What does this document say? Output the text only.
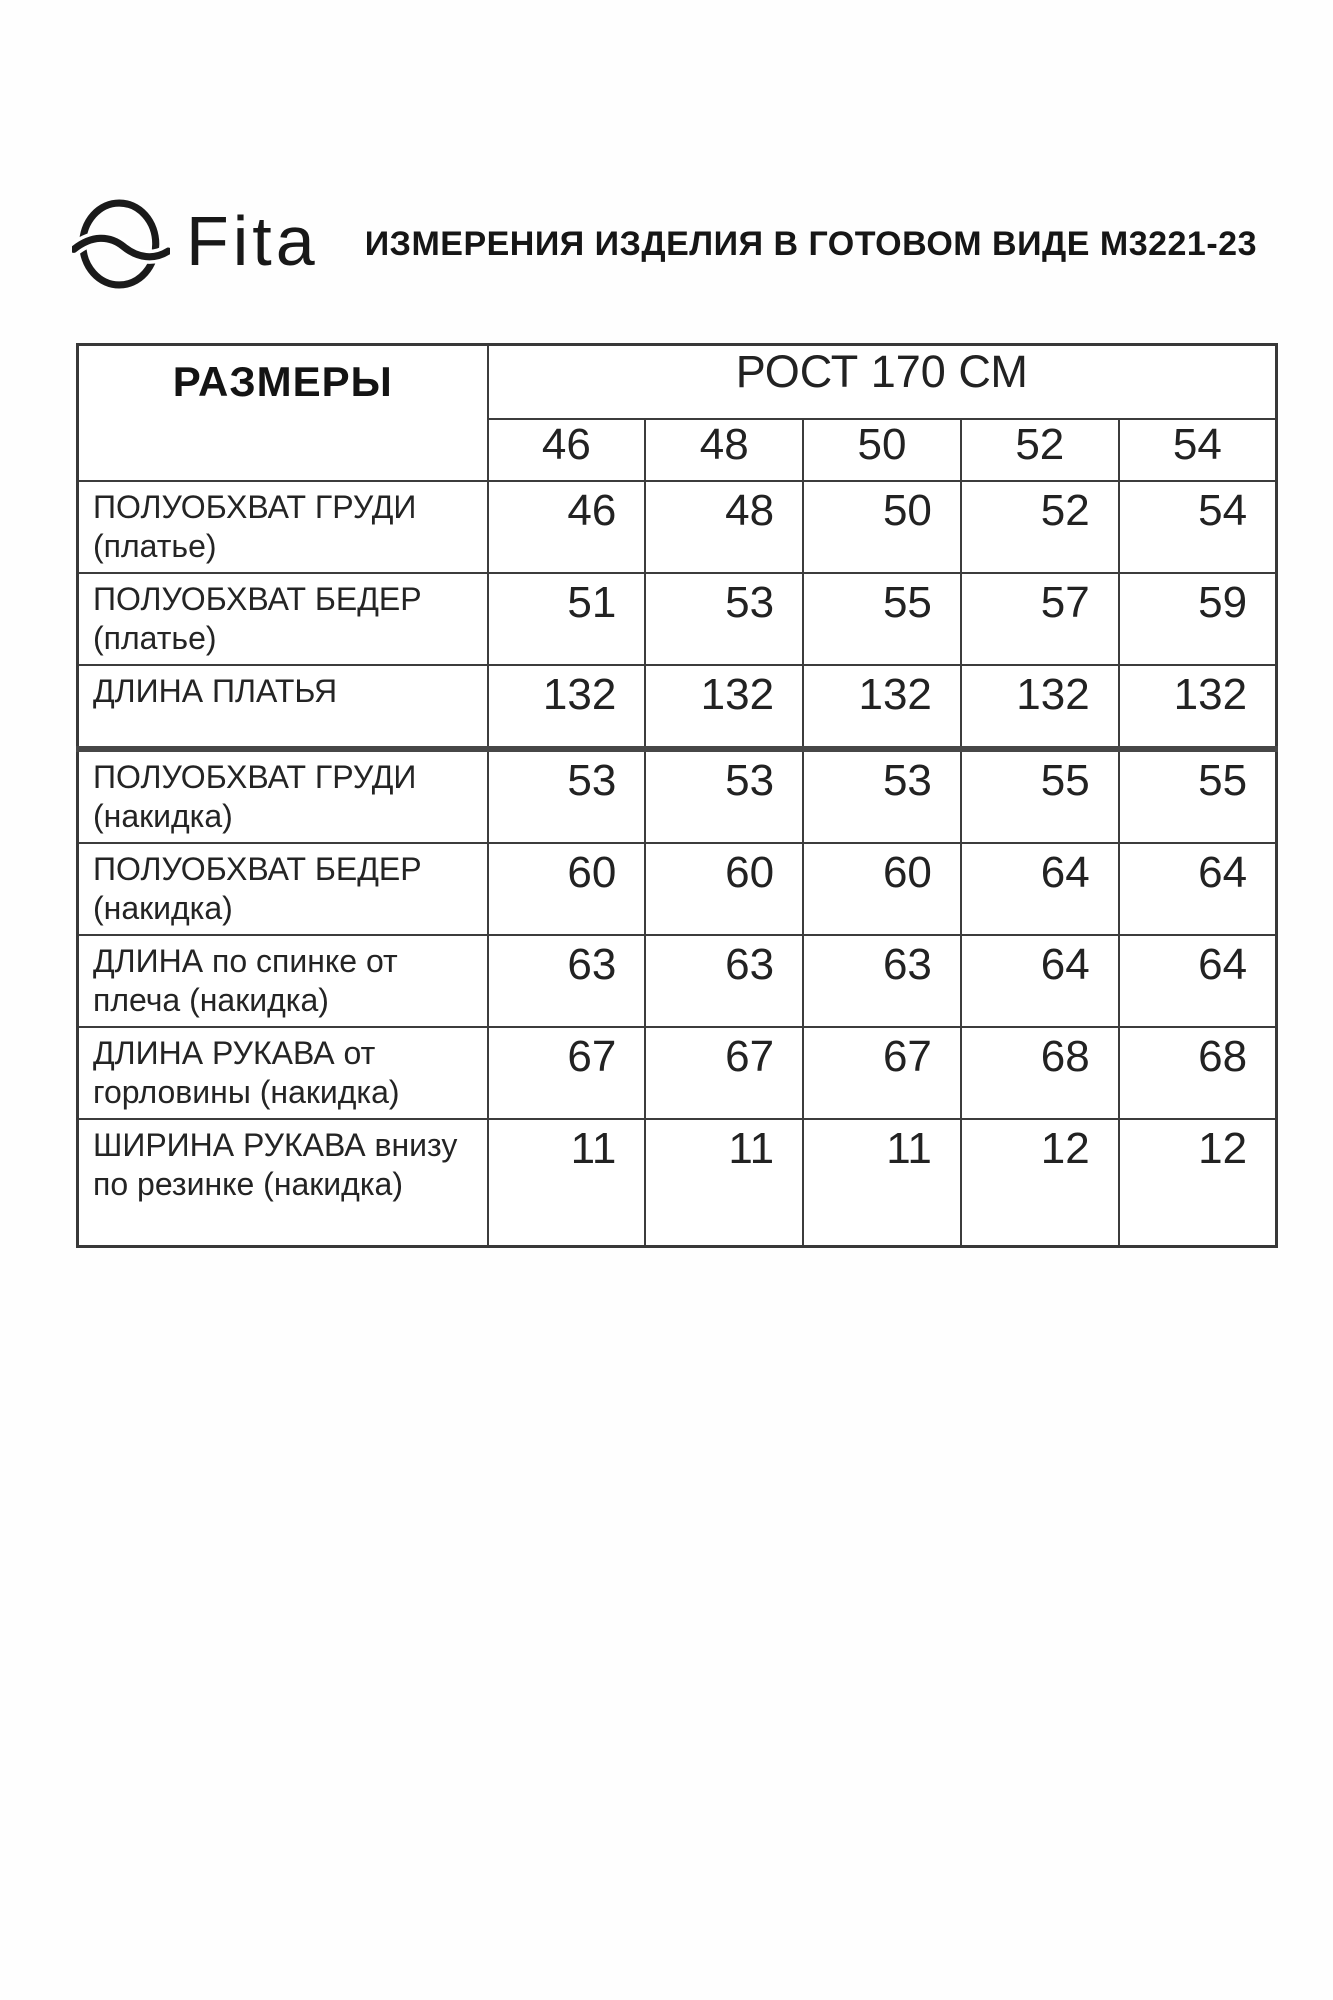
Fita	ИЗМЕРЕНИЯ ИЗДЕЛИЯ В ГОТОВОМ ВИДЕ М3221-23
РАЗМЕРЫ	РОСТ 170 СМ				
	46	48	50	52	54
ПОЛУОБХВАТ ГРУДИ (платье)	46	48	50	52	54
ПОЛУОБХВАТ БЕДЕР (платье)	51	53	55	57	59
ДЛИНА ПЛАТЬЯ	132	132	132	132	132
ПОЛУОБХВАТ ГРУДИ (накидка)	53	53	53	55	55
ПОЛУОБХВАТ БЕДЕР (накидка)	60	60	60	64	64
ДЛИНА по спинке от плеча (накидка)	63	63	63	64	64
ДЛИНА РУКАВА от горловины (накидка)	67	67	67	68	68
ШИРИНА РУКАВА внизу по резинке (накидка)	11	11	11	12	12
